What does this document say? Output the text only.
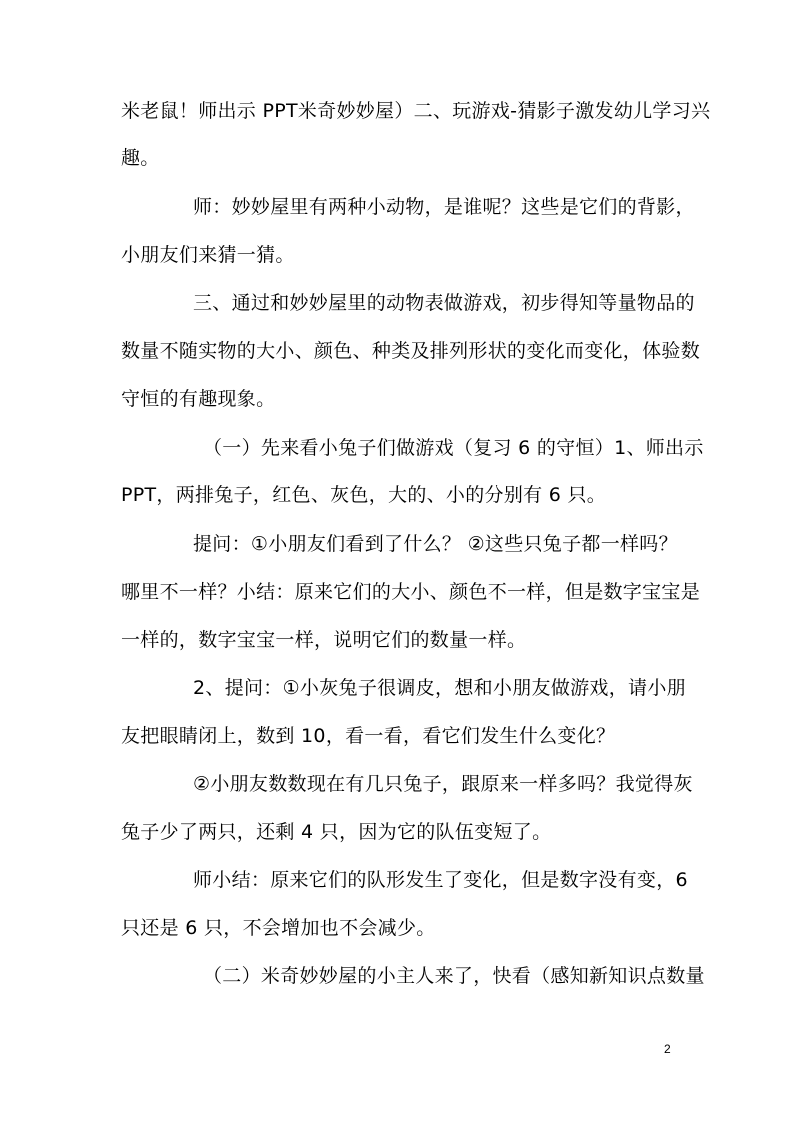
米老鼠！师出示 PPT米奇妙妙屋）二、玩游戏-猜影子激发幼儿学习兴
趣。
师：妙妙屋里有两种小动物，是谁呢？这些是它们的背影，
小朋友们来猜一猜。
三、通过和妙妙屋里的动物表做游戏，初步得知等量物品的
数量不随实物的大小、颜色、种类及排列形状的变化而变化，体验数
守恒的有趣现象。
（一）先来看小兔子们做游戏（复习 6 的守恒）1、师出示
PPT，两排兔子，红色、灰色，大的、小的分别有 6 只。
提问：①小朋友们看到了什么？ ②这些只兔子都一样吗？
哪里不一样？小结：原来它们的大小、颜色不一样，但是数字宝宝是
一样的，数字宝宝一样，说明它们的数量一样。
2、提问：①小灰兔子很调皮，想和小朋友做游戏，请小朋
友把眼睛闭上，数到 10，看一看，看它们发生什么变化？
②小朋友数数现在有几只兔子，跟原来一样多吗？我觉得灰
兔子少了两只，还剩 4 只，因为它的队伍变短了。
师小结：原来它们的队形发生了变化，但是数字没有变，6
只还是 6 只，不会增加也不会减少。
（二）米奇妙妙屋的小主人来了，快看（感知新知识点数量
2
